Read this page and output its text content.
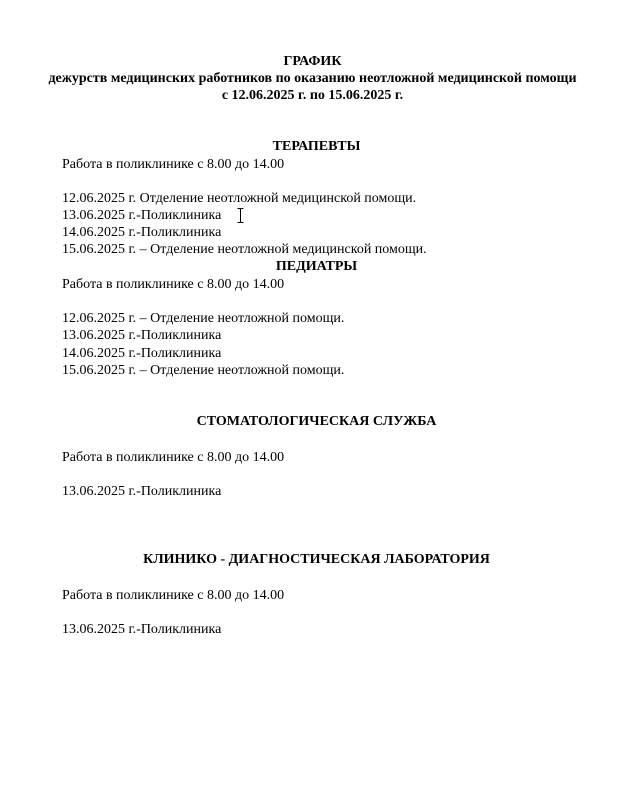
ГРАФИК
дежурств медицинских работников по оказанию неотложной медицинской помощи
с 12.06.2025 г. по 15.06.2025 г.
ТЕРАПЕВТЫ
Работа в поликлинике с 8.00 до 14.00
12.06.2025 г. Отделение неотложной медицинской помощи.
13.06.2025 г.-Поликлиника
14.06.2025 г.-Поликлиника
15.06.2025 г. – Отделение неотложной медицинской помощи.
ПЕДИАТРЫ
Работа в поликлинике с 8.00 до 14.00
12.06.2025 г. – Отделение неотложной помощи.
13.06.2025 г.-Поликлиника
14.06.2025 г.-Поликлиника
15.06.2025 г. – Отделение неотложной помощи.
СТОМАТОЛОГИЧЕСКАЯ СЛУЖБА
Работа в поликлинике с 8.00 до 14.00
13.06.2025 г.-Поликлиника
КЛИНИКО - ДИАГНОСТИЧЕСКАЯ ЛАБОРАТОРИЯ
Работа в поликлинике с 8.00 до 14.00
13.06.2025 г.-Поликлиника
